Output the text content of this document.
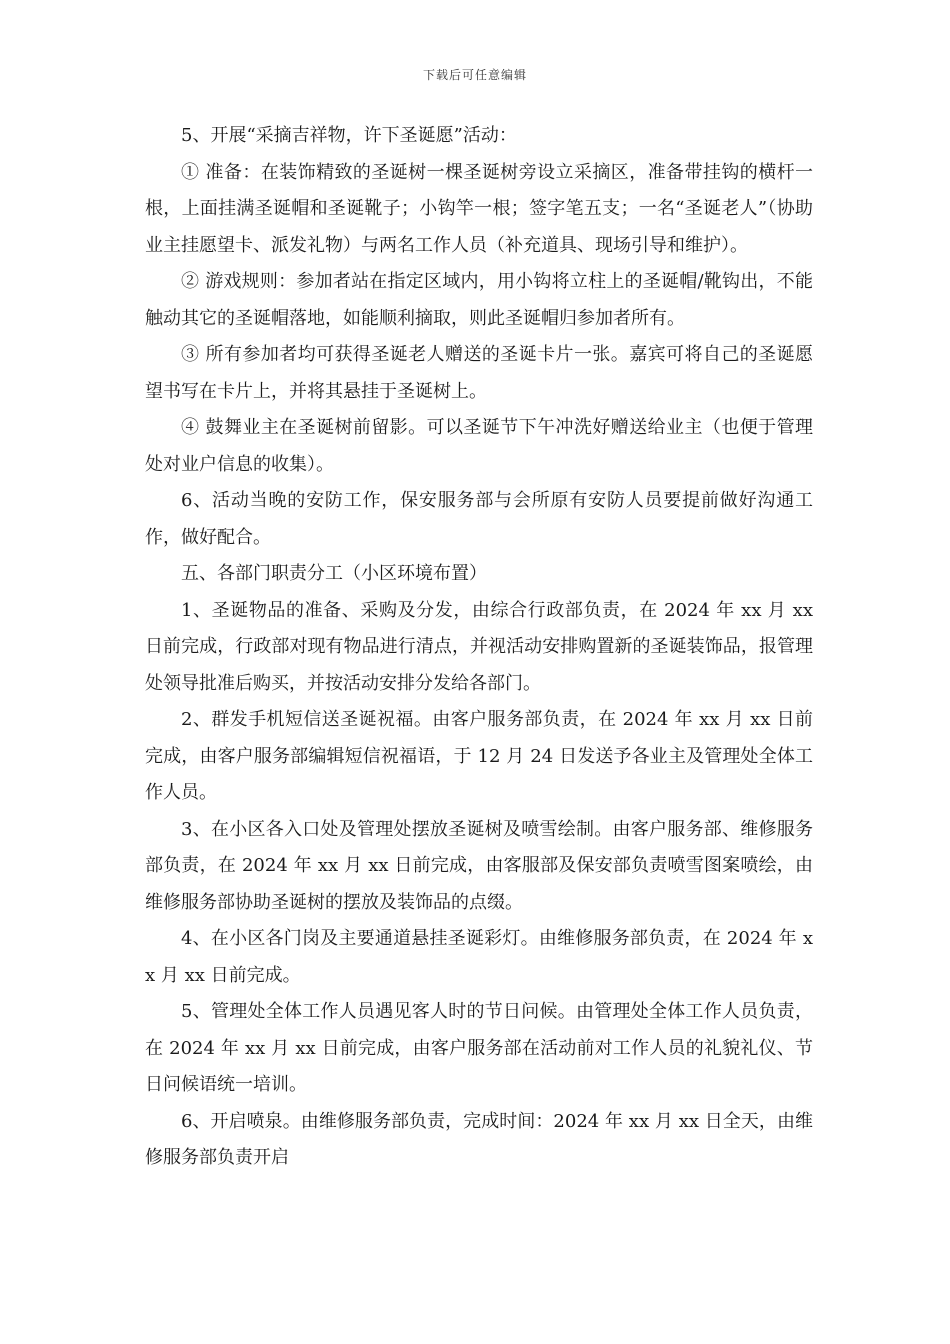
下载后可任意编辑

5、开展“采摘吉祥物，许下圣诞愿”活动：

① 准备：在装饰精致的圣诞树一棵圣诞树旁设立采摘区，准备带挂钩的横杆一根，上面挂满圣诞帽和圣诞靴子；小钩竿一根；签字笔五支；一名“圣诞老人”（协助业主挂愿望卡、派发礼物）与两名工作人员（补充道具、现场引导和维护）。

② 游戏规则：参加者站在指定区域内，用小钩将立柱上的圣诞帽/靴钩出，不能触动其它的圣诞帽落地，如能顺利摘取，则此圣诞帽归参加者所有。

③ 所有参加者均可获得圣诞老人赠送的圣诞卡片一张。嘉宾可将自己的圣诞愿望书写在卡片上，并将其悬挂于圣诞树上。

④ 鼓舞业主在圣诞树前留影。可以圣诞节下午冲洗好赠送给业主（也便于管理处对业户信息的收集）。

6、活动当晚的安防工作，保安服务部与会所原有安防人员要提前做好沟通工作，做好配合。

五、各部门职责分工（小区环境布置）

1、圣诞物品的准备、采购及分发，由综合行政部负责，在 2024 年 xx 月 xx 日前完成，行政部对现有物品进行清点，并视活动安排购置新的圣诞装饰品，报管理处领导批准后购买，并按活动安排分发给各部门。

2、群发手机短信送圣诞祝福。由客户服务部负责，在 2024 年 xx 月 xx 日前完成，由客户服务部编辑短信祝福语，于 12 月 24 日发送予各业主及管理处全体工作人员。

3、在小区各入口处及管理处摆放圣诞树及喷雪绘制。由客户服务部、维修服务部负责，在 2024 年 xx 月 xx 日前完成，由客服部及保安部负责喷雪图案喷绘，由维修服务部协助圣诞树的摆放及装饰品的点缀。

4、在小区各门岗及主要通道悬挂圣诞彩灯。由维修服务部负责，在 2024 年 xx 月 xx 日前完成。

5、管理处全体工作人员遇见客人时的节日问候。由管理处全体工作人员负责，在 2024 年 xx 月 xx 日前完成，由客户服务部在活动前对工作人员的礼貌礼仪、节日问候语统一培训。

6、开启喷泉。由维修服务部负责，完成时间：2024 年 xx 月 xx 日全天，由维修服务部负责开启
